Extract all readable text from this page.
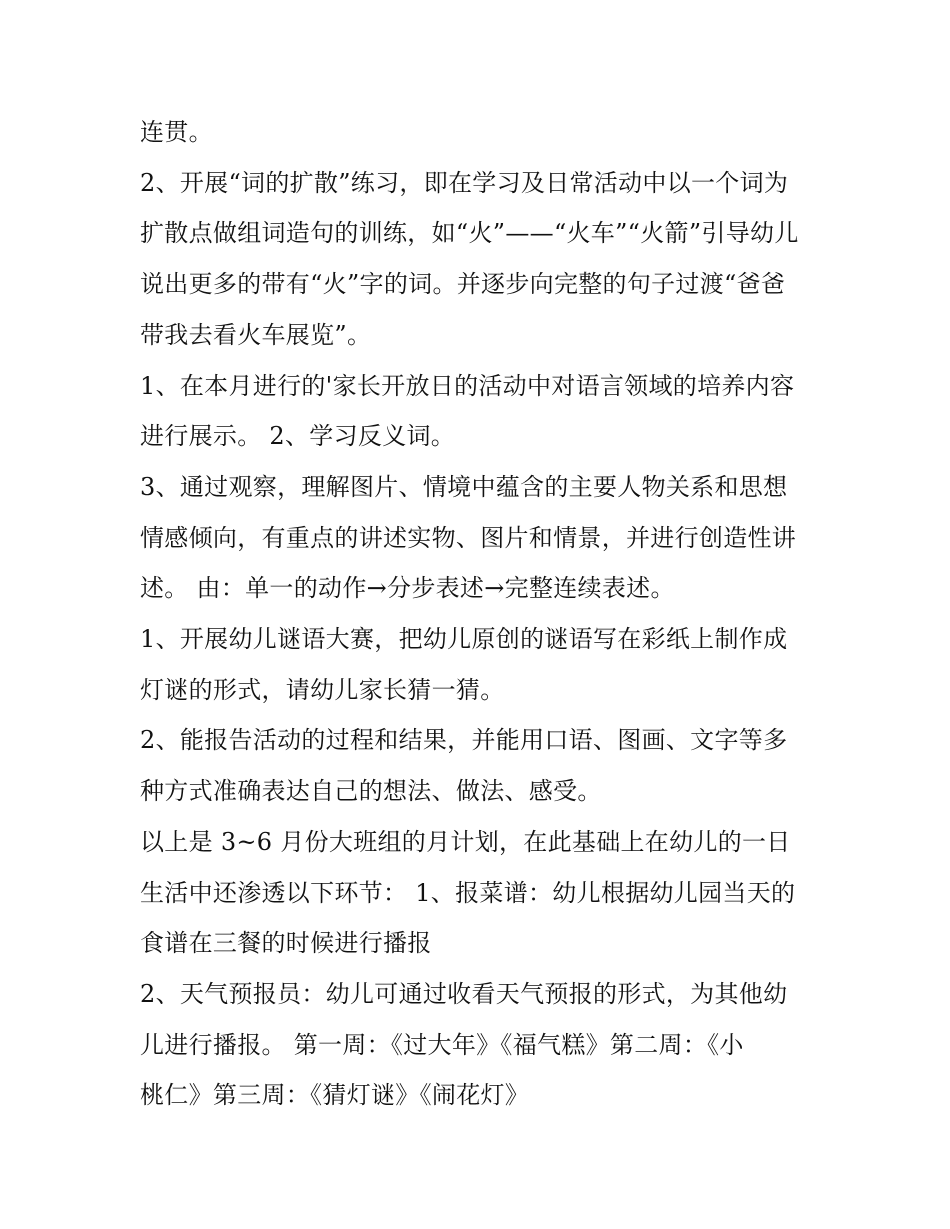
连贯。

2、开展“词的扩散”练习，即在学习及日常活动中以一个词为
扩散点做组词造句的训练，如“火”——“火车”“火箭”引导幼儿
说出更多的带有“火”字的词。并逐步向完整的句子过渡“爸爸
带我去看火车展览”。

1、在本月进行的'家长开放日的活动中对语言领域的培养内容
进行展示。 2、学习反义词。

3、通过观察，理解图片、情境中蕴含的主要人物关系和思想
情感倾向，有重点的讲述实物、图片和情景，并进行创造性讲
述。 由：单一的动作→分步表述→完整连续表述。

1、开展幼儿谜语大赛，把幼儿原创的谜语写在彩纸上制作成
灯谜的形式，请幼儿家长猜一猜。

2、能报告活动的过程和结果，并能用口语、图画、文字等多
种方式准确表达自己的想法、做法、感受。

以上是 3~6 月份大班组的月计划，在此基础上在幼儿的一日
生活中还渗透以下环节： 1、报菜谱：幼儿根据幼儿园当天的
食谱在三餐的时候进行播报

2、天气预报员：幼儿可通过收看天气预报的形式，为其他幼
儿进行播报。 第一周：《过大年》《福气糕》第二周：《小
桃仁》第三周：《猜灯谜》《闹花灯》
